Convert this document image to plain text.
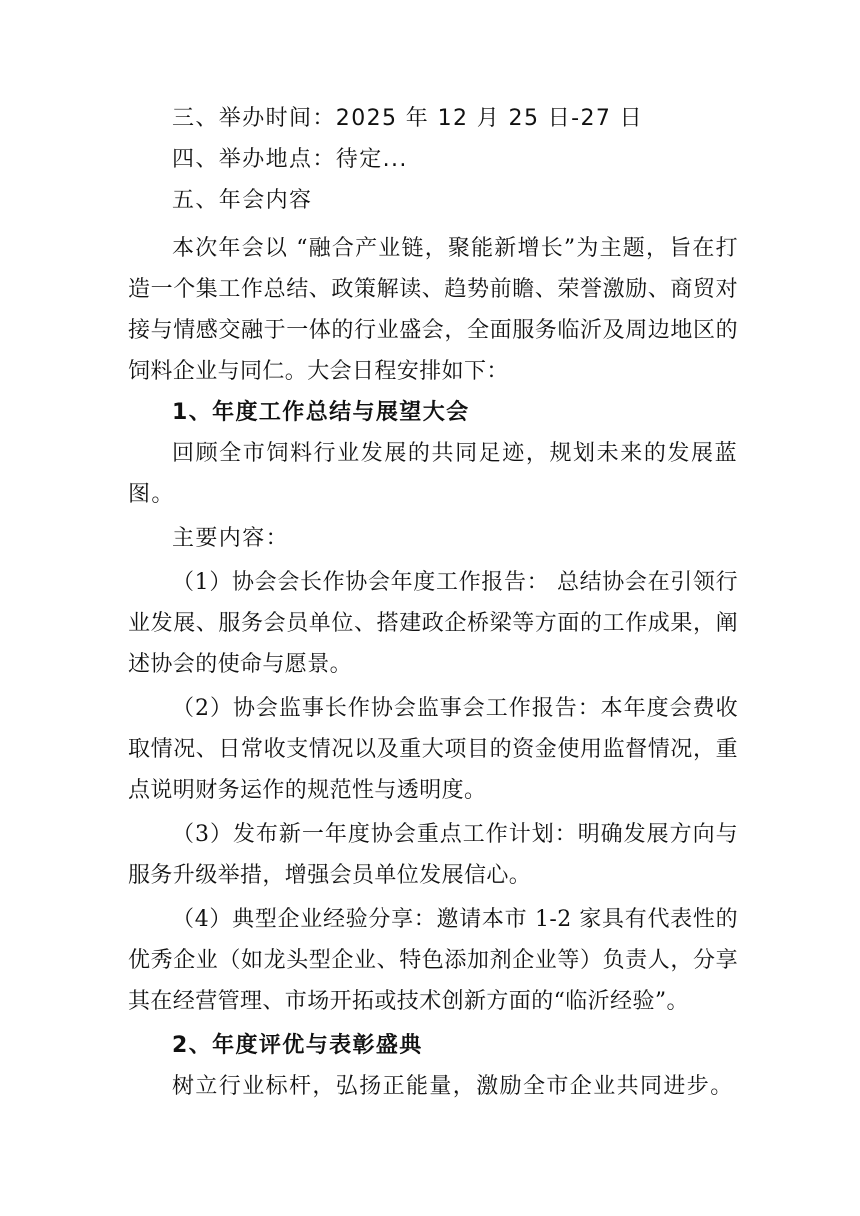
三、举办时间：2025 年 12 月 25 日-27 日

四、举办地点：待定...

五、年会内容

本次年会以 “融合产业链，聚能新增长”为主题，旨在打造一个集工作总结、政策解读、趋势前瞻、荣誉激励、商贸对接与情感交融于一体的行业盛会，全面服务临沂及周边地区的饲料企业与同仁。大会日程安排如下：

1、年度工作总结与展望大会

回顾全市饲料行业发展的共同足迹，规划未来的发展蓝图。

主要内容：

（1）协会会长作协会年度工作报告： 总结协会在引领行业发展、服务会员单位、搭建政企桥梁等方面的工作成果，阐述协会的使命与愿景。

（2）协会监事长作协会监事会工作报告：本年度会费收取情况、日常收支情况以及重大项目的资金使用监督情况，重点说明财务运作的规范性与透明度。

（3）发布新一年度协会重点工作计划：明确发展方向与服务升级举措，增强会员单位发展信心。

（4）典型企业经验分享：邀请本市 1-2 家具有代表性的优秀企业（如龙头型企业、特色添加剂企业等）负责人，分享其在经营管理、市场开拓或技术创新方面的“临沂经验”。

2、年度评优与表彰盛典

树立行业标杆，弘扬正能量，激励全市企业共同进步。
